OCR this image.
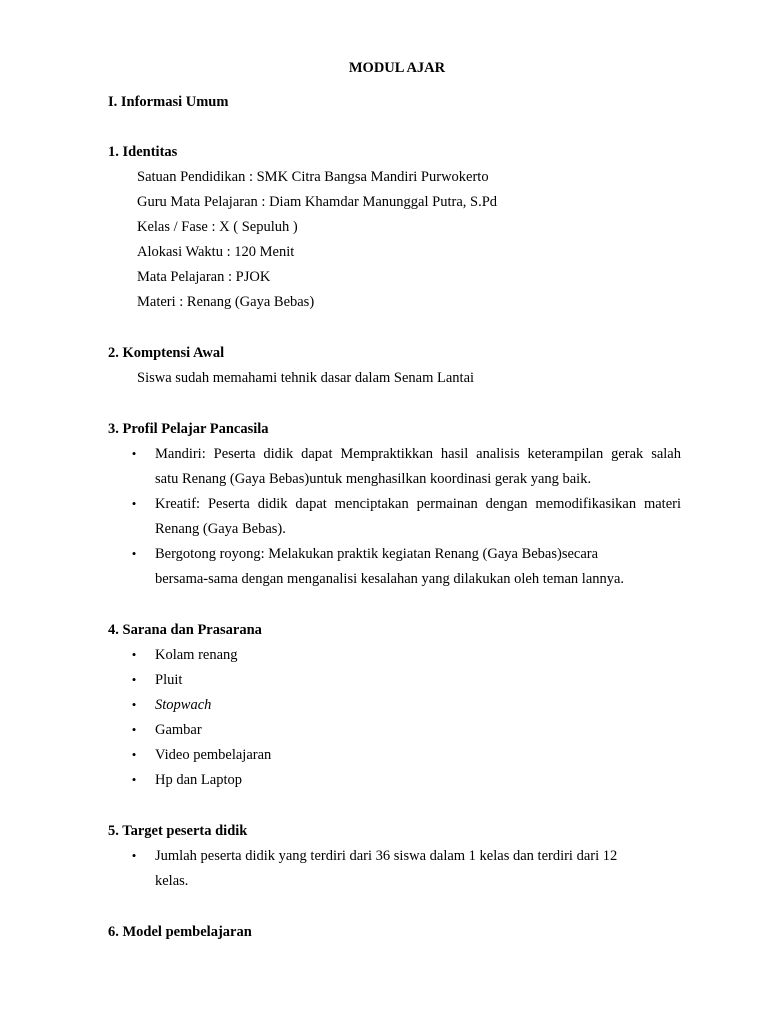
MODUL AJAR
I. Informasi Umum
1. Identitas
Satuan Pendidikan : SMK Citra Bangsa Mandiri Purwokerto
Guru Mata Pelajaran : Diam Khamdar Manunggal Putra, S.Pd
Kelas / Fase : X ( Sepuluh )
Alokasi Waktu : 120 Menit
Mata Pelajaran : PJOK
Materi : Renang (Gaya Bebas)
2. Komptensi Awal
Siswa sudah memahami tehnik dasar dalam Senam Lantai
3. Profil Pelajar Pancasila
• Mandiri: Peserta didik dapat Mempraktikkan hasil analisis keterampilan gerak salah
satu Renang (Gaya Bebas)untuk menghasilkan koordinasi gerak yang baik.
• Kreatif: Peserta didik dapat menciptakan permainan dengan memodifikasikan materi
Renang (Gaya Bebas).
• Bergotong royong: Melakukan praktik kegiatan Renang (Gaya Bebas)secara
bersama-sama dengan menganalisi kesalahan yang dilakukan oleh teman lannya.
4. Sarana dan Prasarana
• Kolam renang
• Pluit
• Stopwach
• Gambar
• Video pembelajaran
• Hp dan Laptop
5. Target peserta didik
• Jumlah peserta didik yang terdiri dari 36 siswa dalam 1 kelas dan terdiri dari 12
kelas.
6. Model pembelajaran
